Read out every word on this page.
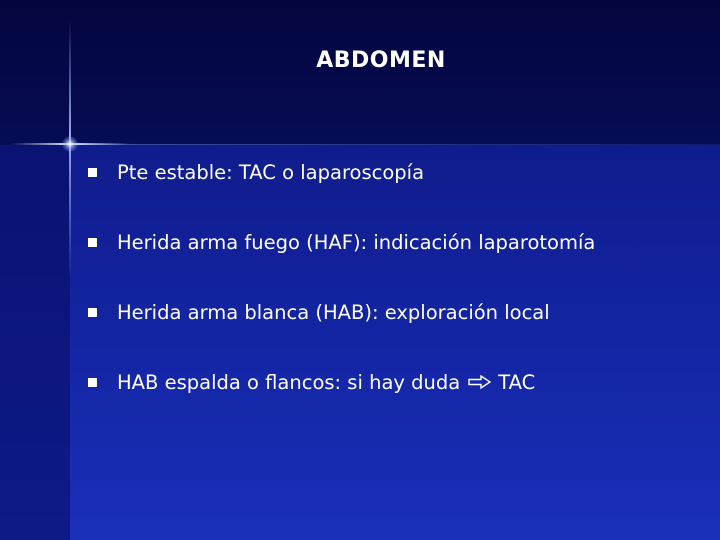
ABDOMEN
Pte estable: TAC o laparoscopía
Herida arma fuego (HAF): indicación laparotomía
Herida arma blanca (HAB): exploración local
HAB espalda o flancos: si hay duda TAC
